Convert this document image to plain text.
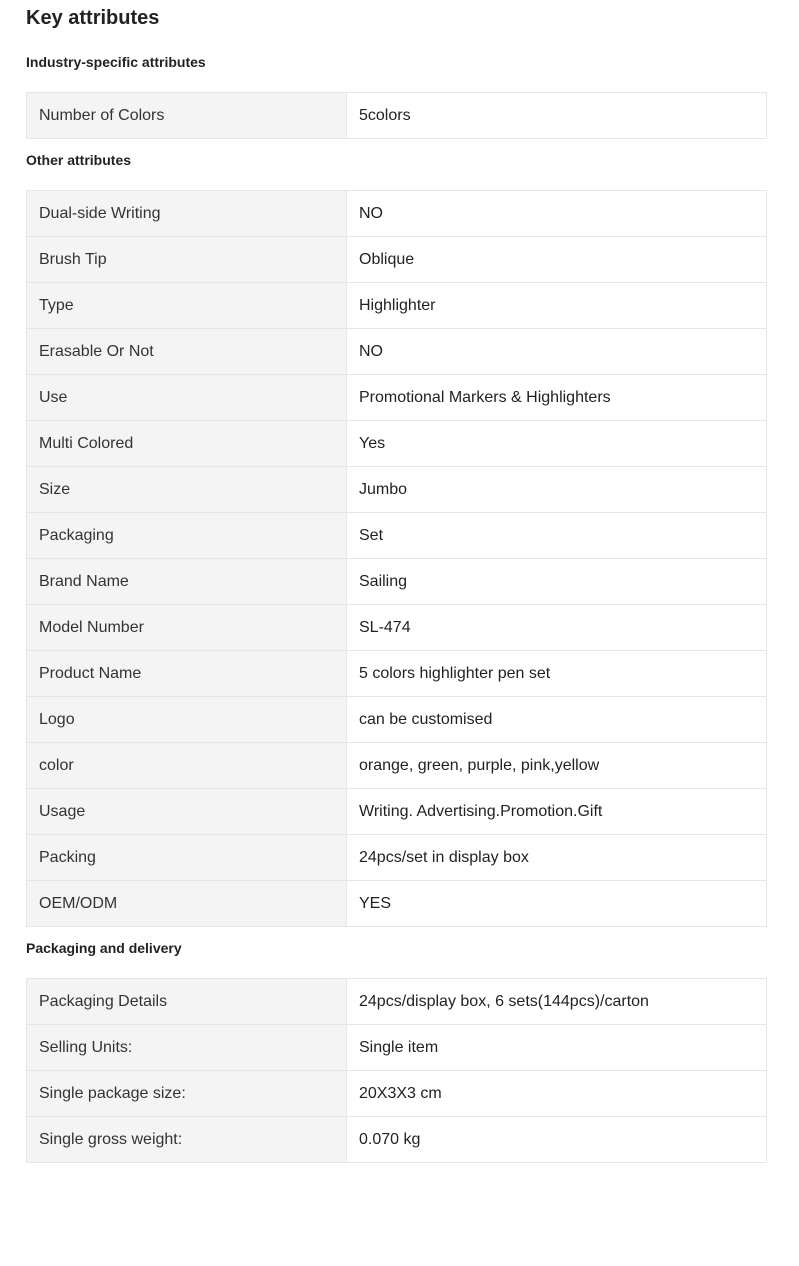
Key attributes
Industry-specific attributes
Number of Colors	5colors
Other attributes
Dual-side Writing	NO
Brush Tip	Oblique
Type	Highlighter
Erasable Or Not	NO
Use	Promotional Markers & Highlighters
Multi Colored	Yes
Size	Jumbo
Packaging	Set
Brand Name	Sailing
Model Number	SL-474
Product Name	5 colors highlighter pen set
Logo	can be customised
color	orange, green, purple, pink,yellow
Usage	Writing. Advertising.Promotion.Gift
Packing	24pcs/set in display box
OEM/ODM	YES
Packaging and delivery
Packaging Details	24pcs/display box, 6 sets(144pcs)/carton
Selling Units:	Single item
Single package size:	20X3X3 cm
Single gross weight:	0.070 kg
